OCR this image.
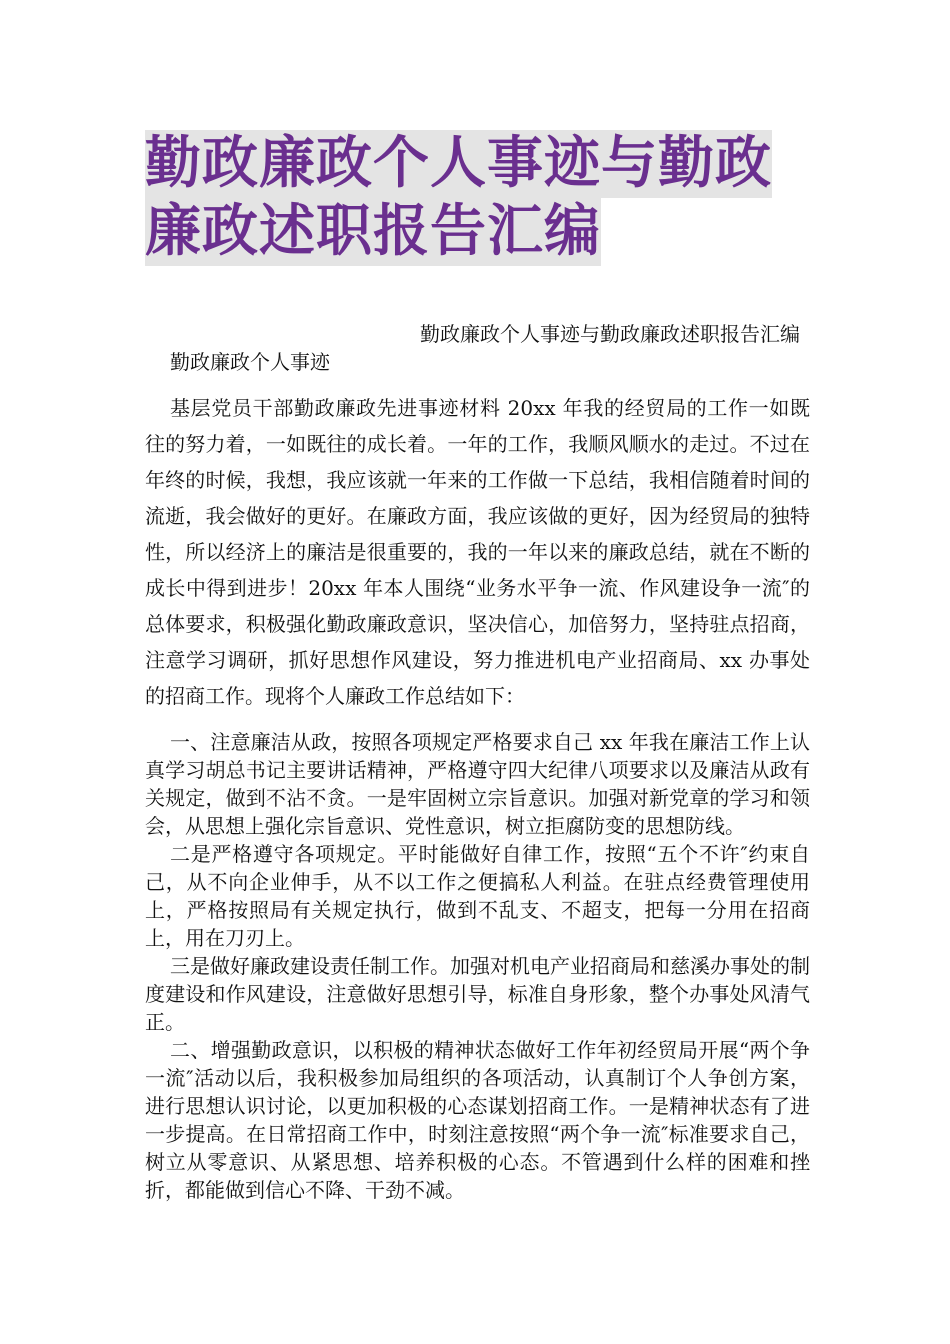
勤政廉政个人事迹与勤政
廉政述职报告汇编
勤政廉政个人事迹与勤政廉政述职报告汇编
勤政廉政个人事迹

基层党员干部勤政廉政先进事迹材料 20xx 年我的经贸局的工作一如既往的努力着，一如既往的成长着。一年的工作，我顺风顺水的走过。不过在年终的时候，我想，我应该就一年来的工作做一下总结，我相信随着时间的流逝，我会做好的更好。在廉政方面，我应该做的更好，因为经贸局的独特性，所以经济上的廉洁是很重要的，我的一年以来的廉政总结，就在不断的成长中得到进步！20xx 年本人围绕“业务水平争一流、作风建设争一流″的总体要求，积极强化勤政廉政意识，坚决信心，加倍努力，坚持驻点招商，注意学习调研，抓好思想作风建设，努力推进机电产业招商局、xx 办事处的招商工作。现将个人廉政工作总结如下：

一、注意廉洁从政，按照各项规定严格要求自己 xx 年我在廉洁工作上认真学习胡总书记主要讲话精神，严格遵守四大纪律八项要求以及廉洁从政有关规定，做到不沾不贪。一是牢固树立宗旨意识。加强对新党章的学习和领会，从思想上强化宗旨意识、党性意识，树立拒腐防变的思想防线。

二是严格遵守各项规定。平时能做好自律工作，按照“五个不许″约束自己，从不向企业伸手，从不以工作之便搞私人利益。在驻点经费管理使用上，严格按照局有关规定执行，做到不乱支、不超支，把每一分用在招商上，用在刀刃上。

三是做好廉政建设责任制工作。加强对机电产业招商局和慈溪办事处的制度建设和作风建设，注意做好思想引导，标准自身形象，整个办事处风清气正。

二、增强勤政意识，以积极的精神状态做好工作年初经贸局开展“两个争一流″活动以后，我积极参加局组织的各项活动，认真制订个人争创方案，进行思想认识讨论，以更加积极的心态谋划招商工作。一是精神状态有了进一步提高。在日常招商工作中，时刻注意按照“两个争一流″标准要求自己，树立从零意识、从紧思想、培养积极的心态。不管遇到什么样的困难和挫折，都能做到信心不降、干劲不减。
